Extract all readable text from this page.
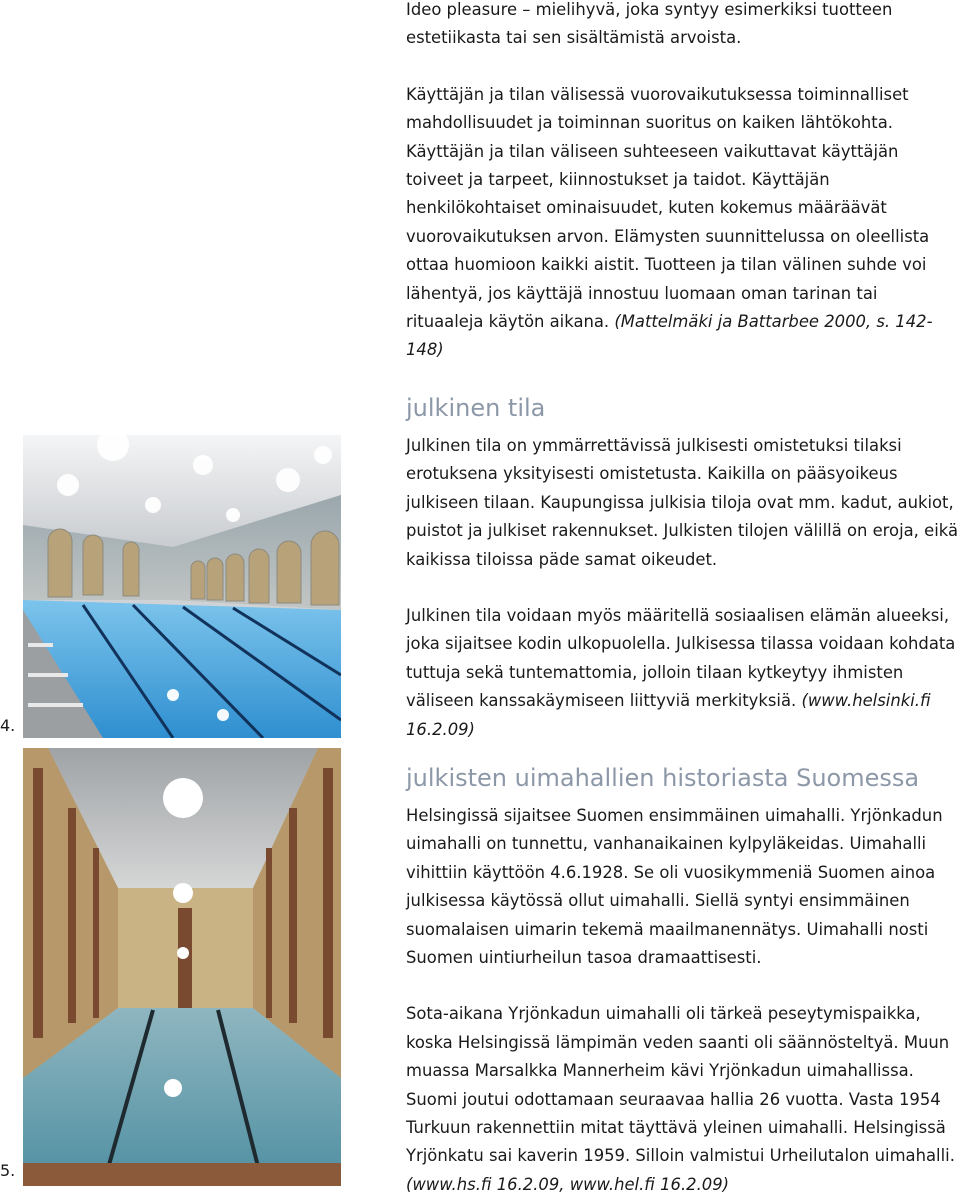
Ideo pleasure – mielihyvä, joka syntyy esimerkiksi tuotteen estetiikasta tai sen sisältämistä arvoista.

Käyttäjän ja tilan välisessä vuorovaikutuksessa toiminnalliset mahdollisuudet ja toiminnan suoritus on kaiken lähtökohta. Käyttäjän ja tilan väliseen suhteeseen vaikuttavat käyttäjän toiveet ja tarpeet, kiinnostukset ja taidot. Käyttäjän henkilökohtaiset ominaisuudet, kuten kokemus määräävät vuorovaikutuksen arvon. Elämysten suunnittelussa on oleellista ottaa huomioon kaikki aistit. Tuotteen ja tilan välinen suhde voi lähentyä, jos käyttäjä innostuu luomaan oman tarinan tai rituaaleja käytön aikana. (Mattelmäki ja Battarbee 2000, s. 142-148)

julkinen tila

Julkinen tila on ymmärrettävissä julkisesti omistetuksi tilaksi erotuksena yksityisesti omistetusta. Kaikilla on pääsyoikeus julkiseen tilaan. Kaupungissa julkisia tiloja ovat mm. kadut, aukiot, puistot ja julkiset rakennukset. Julkisten tilojen välillä on eroja, eikä kaikissa tiloissa päde samat oikeudet.

Julkinen tila voidaan myös määritellä sosiaalisen elämän alueeksi, joka sijaitsee kodin ulkopuolella. Julkisessa tilassa voidaan kohdata tuttuja sekä tuntemattomia, jolloin tilaan kytkeytyy ihmisten väliseen kanssakäymiseen liittyviä merkityksiä. (www.helsinki.fi 16.2.09)

julkisten uimahallien historiasta Suomessa

Helsingissä sijaitsee Suomen ensimmäinen uimahalli. Yrjönkadun uimahalli on tunnettu, vanhanaikainen kylpyläkeidas. Uimahalli vihittiin käyttöön 4.6.1928. Se oli vuosikymmeniä Suomen ainoa julkisessa käytössä ollut uimahalli. Siellä syntyi ensimmäinen suomalaisen uimarin tekemä maailmanennätys. Uimahalli nosti Suomen uintiurheilun tasoa dramaattisesti.

Sota-aikana Yrjönkadun uimahalli oli tärkeä peseytymispaikka, koska Helsingissä lämpimän veden saanti oli säännösteltyä. Muun muassa Marsalkka Mannerheim kävi Yrjönkadun uimahallissa. Suomi joutui odottamaan seuraavaa hallia 26 vuotta. Vasta 1954 Turkuun rakennettiin mitat täyttävä yleinen uimahalli. Helsingissä Yrjönkatu sai kaverin 1959. Silloin valmistui Urheilutalon uimahalli. (www.hs.fi 16.2.09, www.hel.fi 16.2.09)

4.
5.
